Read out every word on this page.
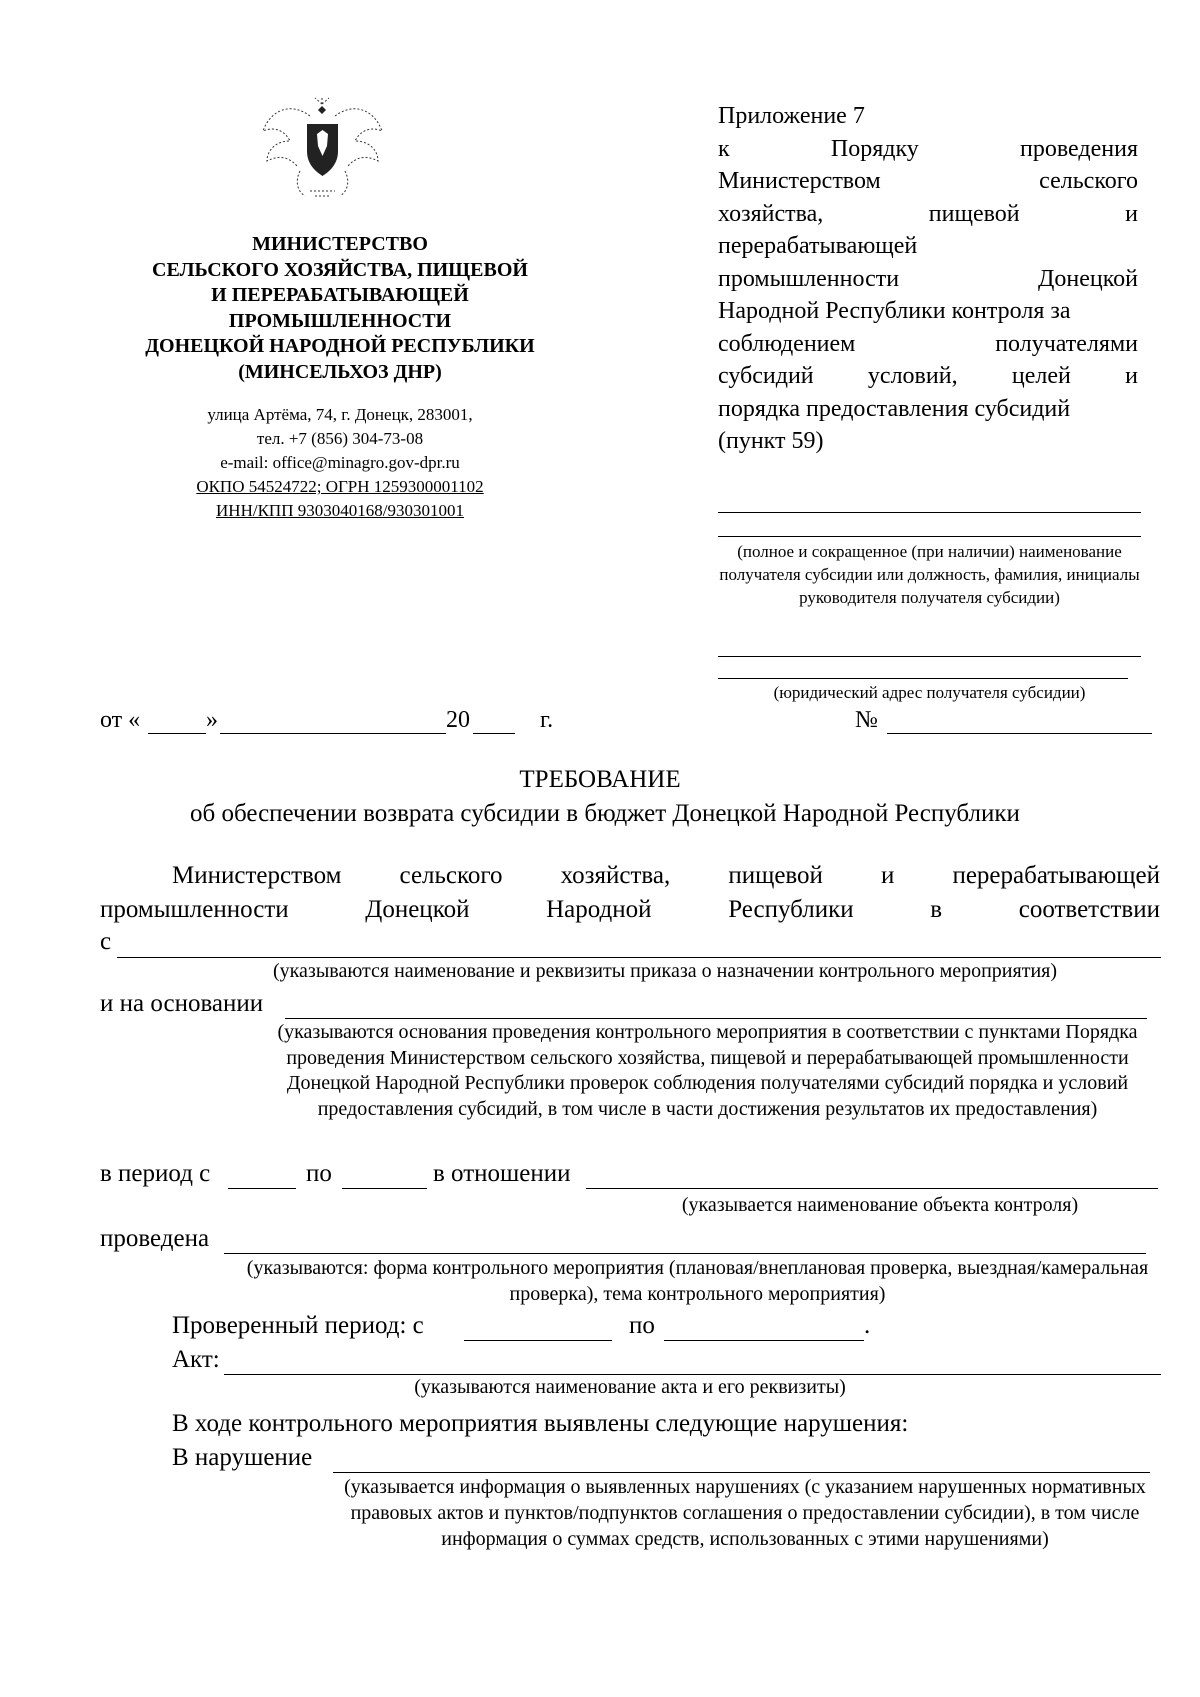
МИНИСТЕРСТВО
СЕЛЬСКОГО ХОЗЯЙСТВА, ПИЩЕВОЙ
И ПЕРЕРАБАТЫВАЮЩЕЙ
ПРОМЫШЛЕННОСТИ
ДОНЕЦКОЙ НАРОДНОЙ РЕСПУБЛИКИ
(МИНСЕЛЬХОЗ ДНР)
улица Артёма, 74, г. Донецк, 283001,
тел. +7 (856) 304-73-08
e-mail: office@minagro.gov-dpr.ru
ОКПО 54524722; ОГРН 1259300001102
ИНН/КПП 9303040168/930301001
Приложение 7
к	Порядку	проведения
Министерством	сельского
хозяйства,	пищевой	и
перерабатывающей
промышленности	Донецкой
Народной Республики контроля за
соблюдением	получателями
субсидий условий, целей и
порядка предоставления субсидий
(пункт 59)
(полное и сокращенное (при наличии) наименование получателя субсидии или должность, фамилия, инициалы руководителя получателя субсидии)
(юридический адрес получателя субсидии)
от «	»	20	г.	№
ТРЕБОВАНИЕ
об обеспечении возврата субсидии в бюджет Донецкой Народной Республики
Министерством сельского хозяйства, пищевой и перерабатывающей
промышленности	Донецкой	Народной	Республики	в	соответствии
с
(указываются наименование и реквизиты приказа о назначении контрольного мероприятия)
и на основании
(указываются основания проведения контрольного мероприятия в соответствии с пунктами Порядка проведения Министерством сельского хозяйства, пищевой и перерабатывающей промышленности Донецкой Народной Республики проверок соблюдения получателями субсидий порядка и условий предоставления субсидий, в том числе в части достижения результатов их предоставления)
в период с	по	в отношении
(указывается наименование объекта контроля)
проведена
(указываются: форма контрольного мероприятия (плановая/внеплановая проверка, выездная/камеральная проверка), тема контрольного мероприятия)
Проверенный период: с	по	.
Акт:
(указываются наименование акта и его реквизиты)
В ходе контрольного мероприятия выявлены следующие нарушения:
В нарушение
(указывается информация о выявленных нарушениях (с указанием нарушенных нормативных правовых актов и пунктов/подпунктов соглашения о предоставлении субсидии), в том числе информация о суммах средств, использованных с этими нарушениями)
